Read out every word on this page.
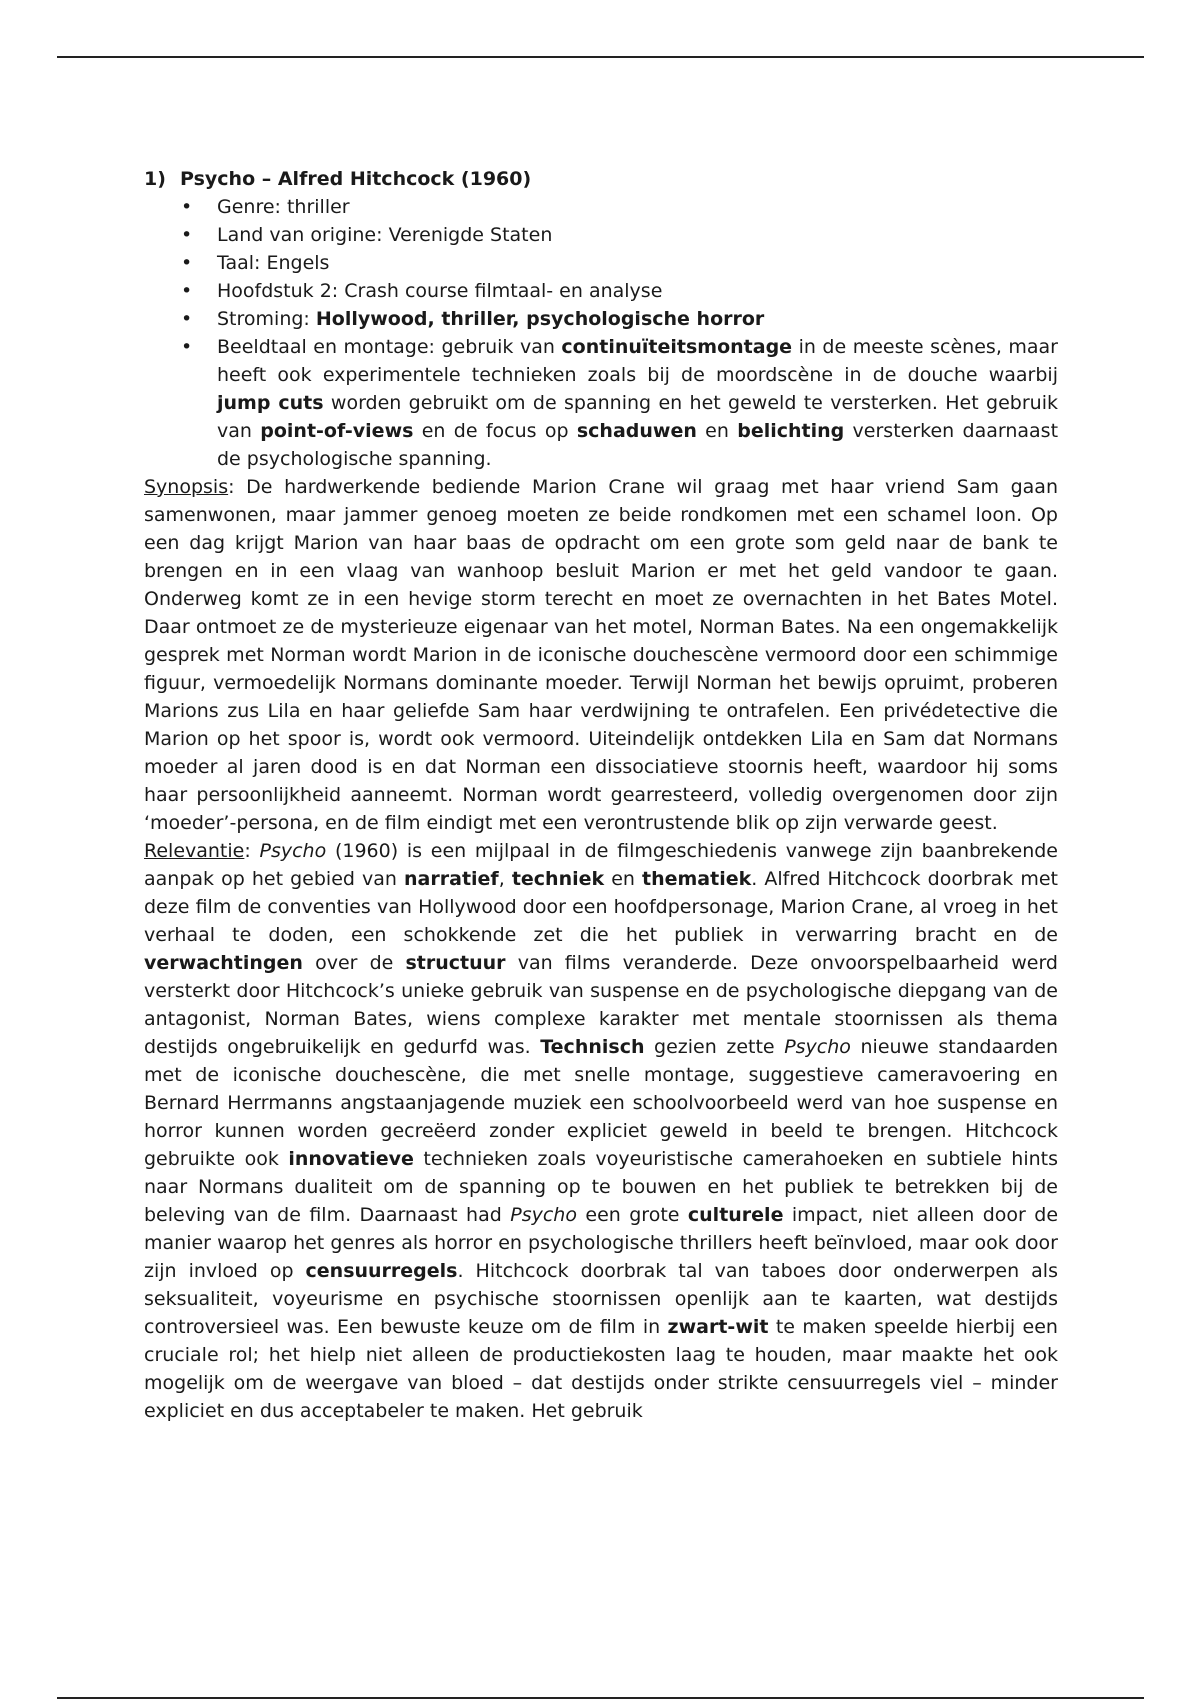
1) Psycho – Alfred Hitchcock (1960)

• Genre: thriller
• Land van origine: Verenigde Staten
• Taal: Engels
• Hoofdstuk 2: Crash course filmtaal- en analyse
• Stroming: Hollywood, thriller, psychologische horror
• Beeldtaal en montage: gebruik van continuïteitsmontage in de meeste scènes, maar heeft ook experimentele technieken zoals bij de moordscène in de douche waarbij jump cuts worden gebruikt om de spanning en het geweld te versterken. Het gebruik van point-of-views en de focus op schaduwen en belichting versterken daarnaast de psychologische spanning.

Synopsis: De hardwerkende bediende Marion Crane wil graag met haar vriend Sam gaan samenwonen, maar jammer genoeg moeten ze beide rondkomen met een schamel loon. Op een dag krijgt Marion van haar baas de opdracht om een grote som geld naar de bank te brengen en in een vlaag van wanhoop besluit Marion er met het geld vandoor te gaan. Onderweg komt ze in een hevige storm terecht en moet ze overnachten in het Bates Motel. Daar ontmoet ze de mysterieuze eigenaar van het motel, Norman Bates. Na een ongemakkelijk gesprek met Norman wordt Marion in de iconische douchescène vermoord door een schimmige figuur, vermoedelijk Normans dominante moeder. Terwijl Norman het bewijs opruimt, proberen Marions zus Lila en haar geliefde Sam haar verdwijning te ontrafelen. Een privédetective die Marion op het spoor is, wordt ook vermoord. Uiteindelijk ontdekken Lila en Sam dat Normans moeder al jaren dood is en dat Norman een dissociatieve stoornis heeft, waardoor hij soms haar persoonlijkheid aanneemt. Norman wordt gearresteerd, volledig overgenomen door zijn ‘moeder’-persona, en de film eindigt met een verontrustende blik op zijn verwarde geest.

Relevantie: Psycho (1960) is een mijlpaal in de filmgeschiedenis vanwege zijn baanbrekende aanpak op het gebied van narratief, techniek en thematiek. Alfred Hitchcock doorbrak met deze film de conventies van Hollywood door een hoofdpersonage, Marion Crane, al vroeg in het verhaal te doden, een schokkende zet die het publiek in verwarring bracht en de verwachtingen over de structuur van films veranderde. Deze onvoorspelbaarheid werd versterkt door Hitchcock’s unieke gebruik van suspense en de psychologische diepgang van de antagonist, Norman Bates, wiens complexe karakter met mentale stoornissen als thema destijds ongebruikelijk en gedurfd was. Technisch gezien zette Psycho nieuwe standaarden met de iconische douchescène, die met snelle montage, suggestieve cameravoering en Bernard Herrmanns angstaanjagende muziek een schoolvoorbeeld werd van hoe suspense en horror kunnen worden gecreëerd zonder expliciet geweld in beeld te brengen. Hitchcock gebruikte ook innovatieve technieken zoals voyeuristische camerahoeken en subtiele hints naar Normans dualiteit om de spanning op te bouwen en het publiek te betrekken bij de beleving van de film. Daarnaast had Psycho een grote culturele impact, niet alleen door de manier waarop het genres als horror en psychologische thrillers heeft beïnvloed, maar ook door zijn invloed op censuurregels. Hitchcock doorbrak tal van taboes door onderwerpen als seksualiteit, voyeurisme en psychische stoornissen openlijk aan te kaarten, wat destijds controversieel was. Een bewuste keuze om de film in zwart-wit te maken speelde hierbij een cruciale rol; het hielp niet alleen de productiekosten laag te houden, maar maakte het ook mogelijk om de weergave van bloed – dat destijds onder strikte censuurregels viel – minder expliciet en dus acceptabeler te maken. Het gebruik
